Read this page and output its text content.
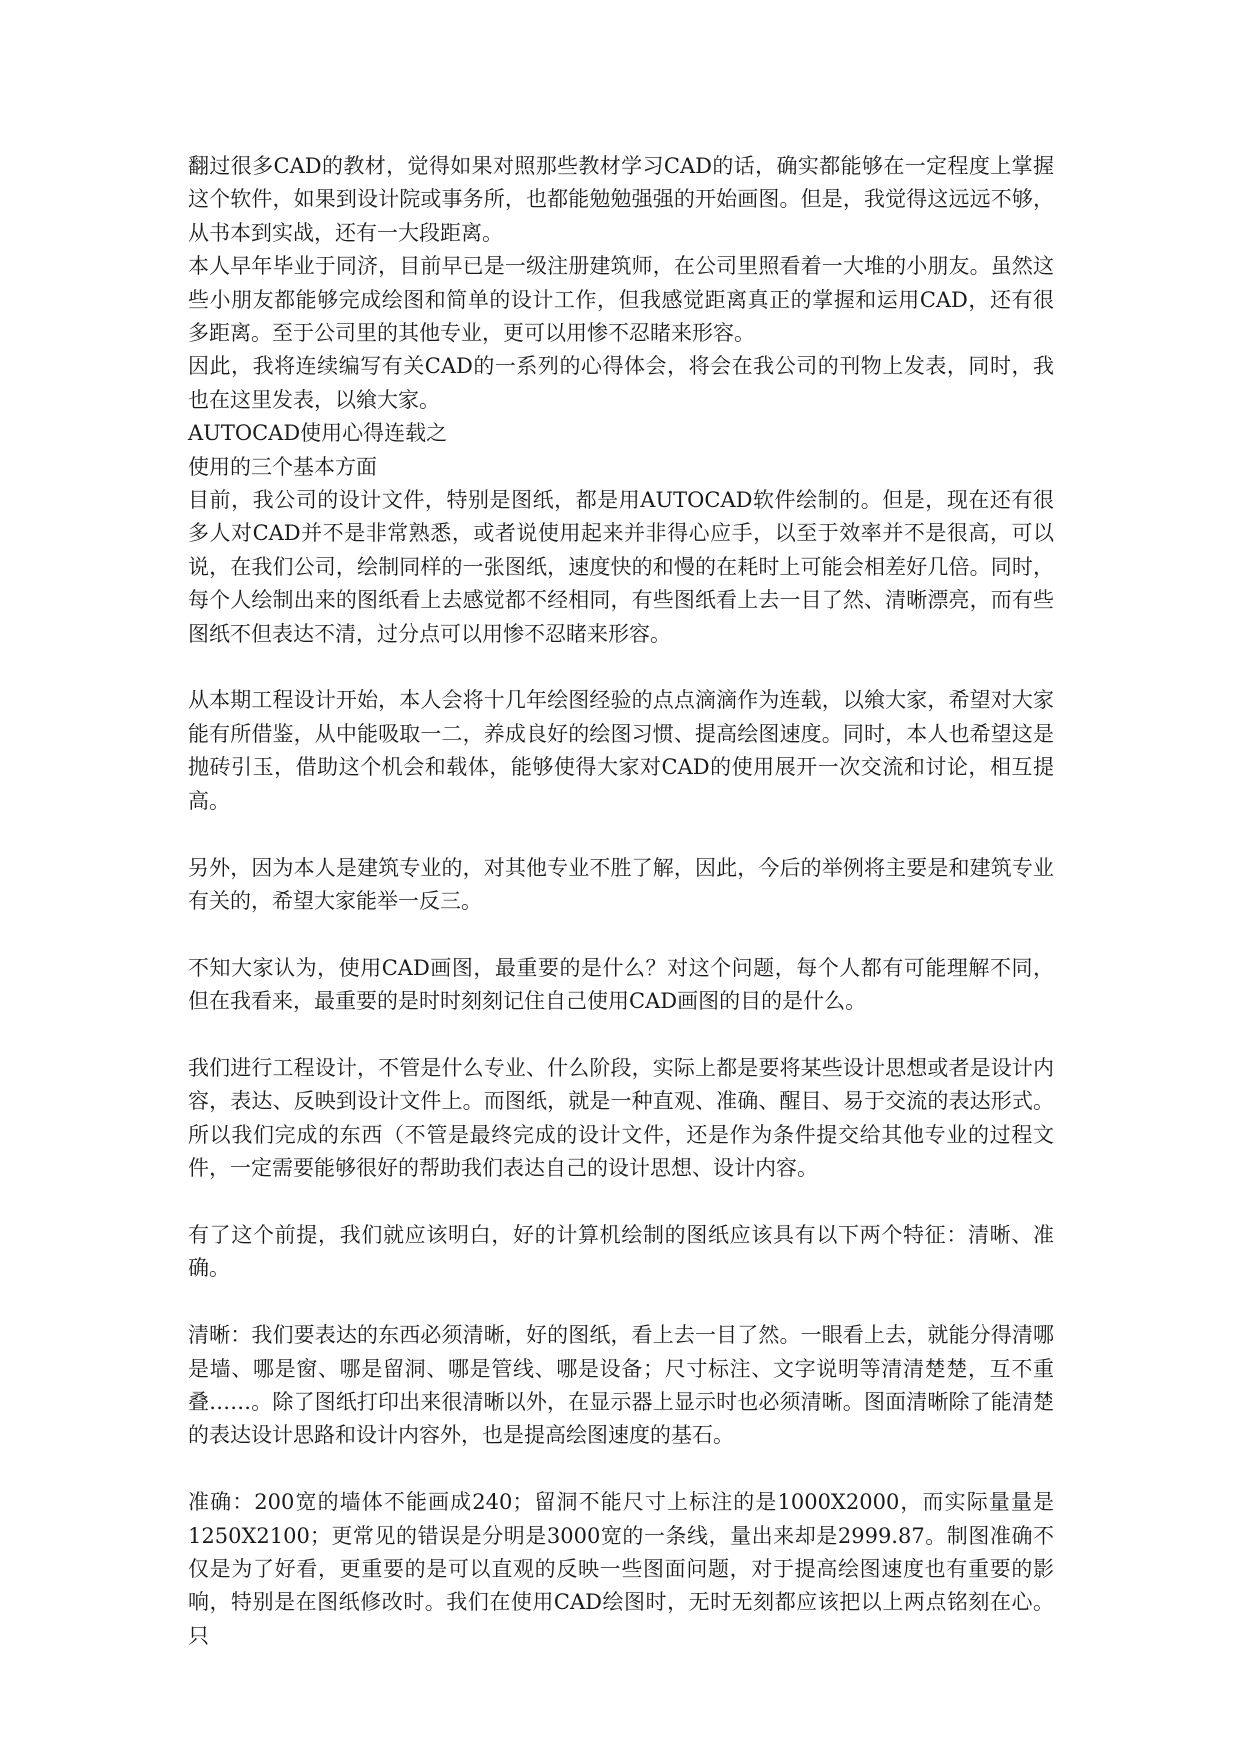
翻过很多CAD的教材，觉得如果对照那些教材学习CAD的话，确实都能够在一定程度上掌握这个软件，如果到设计院或事务所，也都能勉勉强强的开始画图。但是，我觉得这远远不够，从书本到实战，还有一大段距离。

本人早年毕业于同济，目前早已是一级注册建筑师，在公司里照看着一大堆的小朋友。虽然这些小朋友都能够完成绘图和简单的设计工作，但我感觉距离真正的掌握和运用CAD，还有很多距离。至于公司里的其他专业，更可以用惨不忍睹来形容。

因此，我将连续编写有关CAD的一系列的心得体会，将会在我公司的刊物上发表，同时，我也在这里发表，以飨大家。

AUTOCAD使用心得连载之

使用的三个基本方面

目前，我公司的设计文件，特别是图纸，都是用AUTOCAD软件绘制的。但是，现在还有很多人对CAD并不是非常熟悉，或者说使用起来并非得心应手，以至于效率并不是很高，可以说，在我们公司，绘制同样的一张图纸，速度快的和慢的在耗时上可能会相差好几倍。同时，每个人绘制出来的图纸看上去感觉都不经相同，有些图纸看上去一目了然、清晰漂亮，而有些图纸不但表达不清，过分点可以用惨不忍睹来形容。

从本期工程设计开始，本人会将十几年绘图经验的点点滴滴作为连载，以飨大家，希望对大家能有所借鉴，从中能吸取一二，养成良好的绘图习惯、提高绘图速度。同时，本人也希望这是抛砖引玉，借助这个机会和载体，能够使得大家对CAD的使用展开一次交流和讨论，相互提高。

另外，因为本人是建筑专业的，对其他专业不胜了解，因此，今后的举例将主要是和建筑专业有关的，希望大家能举一反三。

不知大家认为，使用CAD画图，最重要的是什么？对这个问题，每个人都有可能理解不同，但在我看来，最重要的是时时刻刻记住自己使用CAD画图的目的是什么。

我们进行工程设计，不管是什么专业、什么阶段，实际上都是要将某些设计思想或者是设计内容，表达、反映到设计文件上。而图纸，就是一种直观、准确、醒目、易于交流的表达形式。所以我们完成的东西（不管是最终完成的设计文件，还是作为条件提交给其他专业的过程文件，一定需要能够很好的帮助我们表达自己的设计思想、设计内容。

有了这个前提，我们就应该明白，好的计算机绘制的图纸应该具有以下两个特征：清晰、准确。

清晰：我们要表达的东西必须清晰，好的图纸，看上去一目了然。一眼看上去，就能分得清哪是墙、哪是窗、哪是留洞、哪是管线、哪是设备；尺寸标注、文字说明等清清楚楚，互不重叠……。除了图纸打印出来很清晰以外，在显示器上显示时也必须清晰。图面清晰除了能清楚的表达设计思路和设计内容外，也是提高绘图速度的基石。

准确：200宽的墙体不能画成240；留洞不能尺寸上标注的是1000X2000，而实际量量是1250X2100；更常见的错误是分明是3000宽的一条线，量出来却是2999.87。制图准确不仅是为了好看，更重要的是可以直观的反映一些图面问题，对于提高绘图速度也有重要的影响，特别是在图纸修改时。我们在使用CAD绘图时，无时无刻都应该把以上两点铭刻在心。只
